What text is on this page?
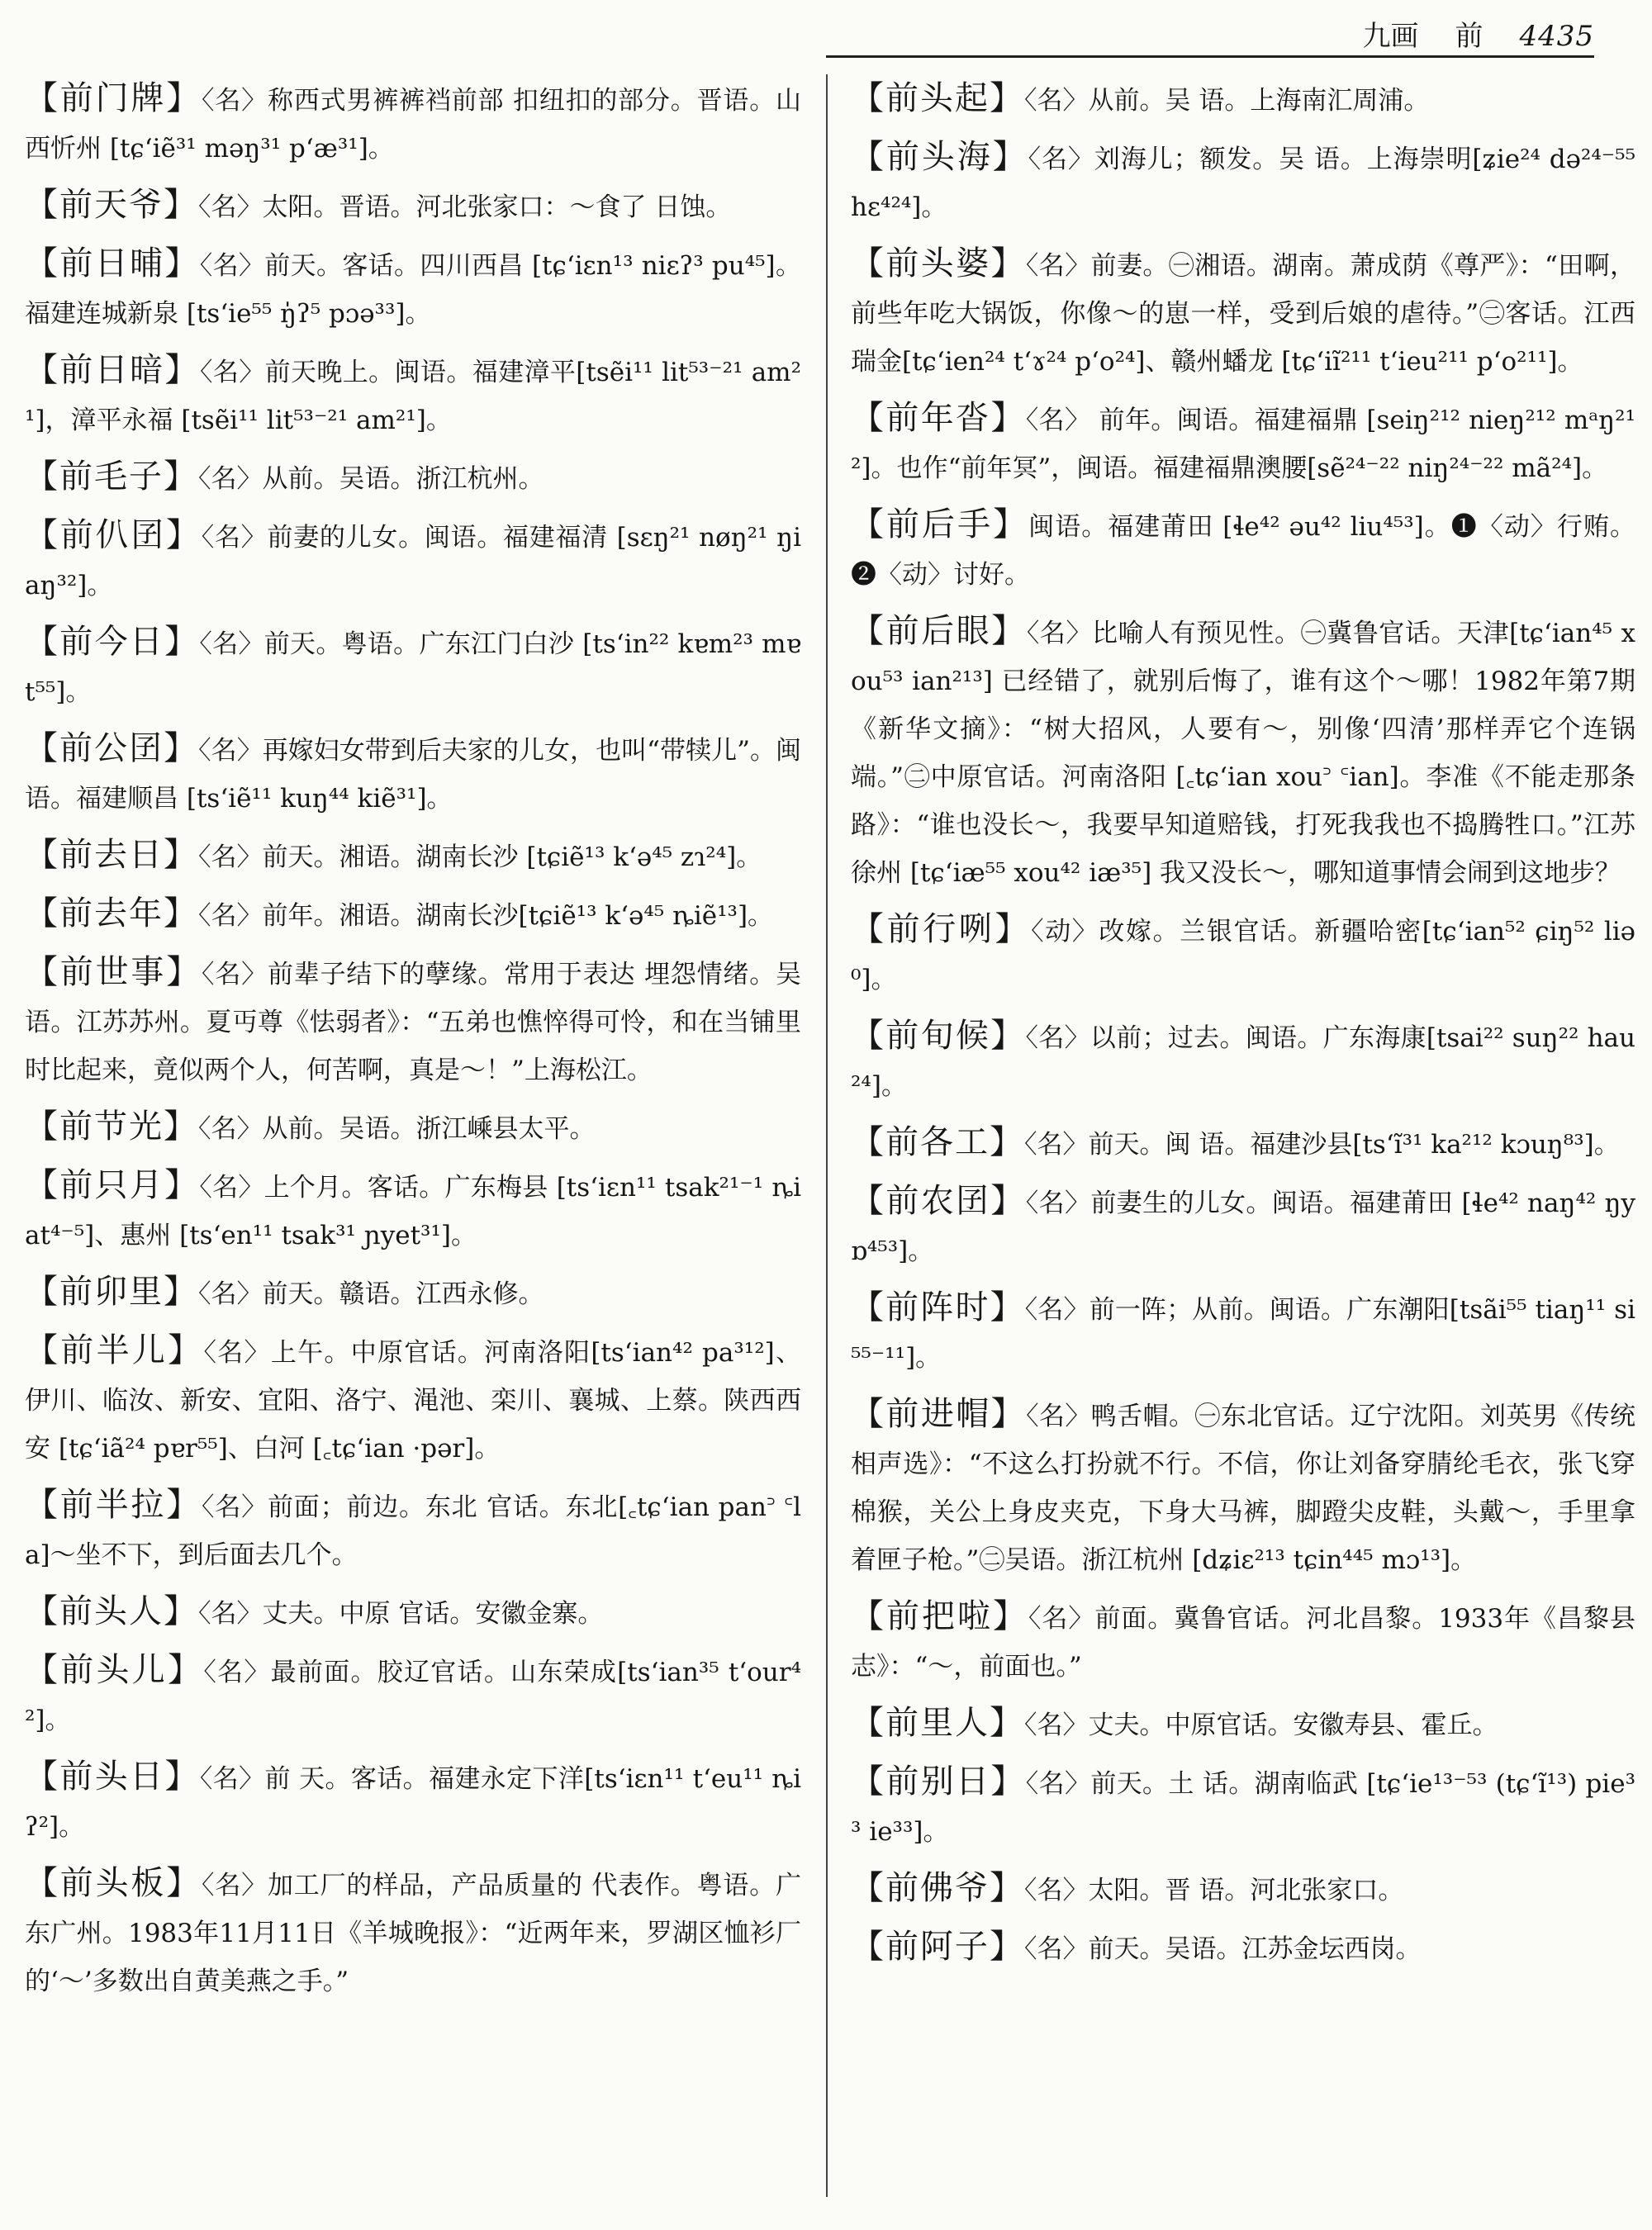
九画 前 4435

【前门牌】〈名〉称西式男裤裤裆前部 扣纽扣的部分。晋语。山西忻州 [tɕʻiẽ³¹ məŋ³¹ pʻæ³¹]。

【前天爷】〈名〉太阳。晋语。河北张家口：～食了 日蚀。

【前日晡】〈名〉前天。客话。四川西昌 [tɕʻiɛn¹³ niɛʔ³ pu⁴⁵]。福建连城新泉 [tsʻie⁵⁵ ŋ̍ʔ⁵ pɔə³³]。

【前日暗】〈名〉前天晚上。闽语。福建漳平[tsẽi¹¹ lit⁵³⁻²¹ am²¹]，漳平永福 [tsẽi¹¹ lit⁵³⁻²¹ am²¹]。

【前毛子】〈名〉从前。吴语。浙江杭州。

【前仈囝】〈名〉前妻的儿女。闽语。福建福清 [sɛŋ²¹ nøŋ²¹ ŋiaŋ³²]。

【前今日】〈名〉前天。粤语。广东江门白沙 [tsʻin²² kɐm²³ mɐt⁵⁵]。

【前公囝】〈名〉再嫁妇女带到后夫家的儿女，也叫“带犊儿”。闽语。福建顺昌 [tsʻiẽ¹¹ kuŋ⁴⁴ kiẽ³¹]。

【前去日】〈名〉前天。湘语。湖南长沙 [tɕiẽ¹³ kʻə⁴⁵ zɿ²⁴]。

【前去年】〈名〉前年。湘语。湖南长沙[tɕiẽ¹³ kʻə⁴⁵ ȵiẽ¹³]。

【前世事】〈名〉前辈子结下的孽缘。常用于表达 埋怨情绪。吴语。江苏苏州。夏丏尊《怯弱者》：“五弟也憔悴得可怜，和在当铺里时比起来，竟似两个人，何苦啊，真是～！”上海松江。

【前节光】〈名〉从前。吴语。浙江嵊县太平。

【前只月】〈名〉上个月。客话。广东梅县 [tsʻiɛn¹¹ tsak²¹⁻¹ ȵiat⁴⁻⁵]、惠州 [tsʻen¹¹ tsak³¹ ɲyet³¹]。

【前卯里】〈名〉前天。赣语。江西永修。

【前半儿】〈名〉上午。中原官话。河南洛阳[tsʻian⁴² pa³¹²]、伊川、临汝、新安、宜阳、洛宁、渑池、栾川、襄城、上蔡。陕西西安 [tɕʻiã²⁴ pɐr⁵⁵]、白河 [꜀tɕʻian ·pər]。

【前半拉】〈名〉前面；前边。东北 官话。东北[꜀tɕʻian pan꜄ ꜂la]～坐不下，到后面去几个。

【前头人】〈名〉丈夫。中原 官话。安徽金寨。

【前头儿】〈名〉最前面。胶辽官话。山东荣成[tsʻian³⁵ tʻour⁴²]。

【前头日】〈名〉前 天。客话。福建永定下洋[tsʻiɛn¹¹ tʻeu¹¹ ȵiʔ²]。

【前头板】〈名〉加工厂的样品，产品质量的 代表作。粤语。广东广州。1983年11月11日《羊城晚报》：“近两年来，罗湖区恤衫厂的‘～’多数出自黄美燕之手。”

【前头起】〈名〉从前。吴 语。上海南汇周浦。

【前头海】〈名〉刘海儿；额发。吴 语。上海崇明[ʑie²⁴ də²⁴⁻⁵⁵ hɛ⁴²⁴]。

【前头婆】〈名〉前妻。㊀湘语。湖南。萧成荫《尊严》：“田啊，前些年吃大锅饭，你像～的崽一样，受到后娘的虐待。”㊁客话。江西瑞金[tɕʻien²⁴ tʻɤ²⁴ pʻo²⁴]、赣州蟠龙 [tɕʻiĩ²¹¹ tʻieu²¹¹ pʻo²¹¹]。

【前年沓】〈名〉 前年。闽语。福建福鼎 [seiŋ²¹² nieŋ²¹² mᵃŋ²¹²]。也作“前年冥”，闽语。福建福鼎澳腰[sẽ²⁴⁻²² niŋ²⁴⁻²² mã²⁴]。

【前后手】闽语。福建莆田 [ɬe⁴² əu⁴² liu⁴⁵³]。❶〈动〉行贿。❷〈动〉讨好。

【前后眼】〈名〉比喻人有预见性。㊀冀鲁官话。天津[tɕʻian⁴⁵ xou⁵³ ian²¹³] 已经错了，就别后悔了，谁有这个～哪！1982年第7期《新华文摘》：“树大招风，人要有～，别像‘四清’那样弄它个连锅端。”㊁中原官话。河南洛阳 [꜀tɕʻian xou꜄ ꜂ian]。李准《不能走那条路》：“谁也没长～，我要早知道赔钱，打死我我也不捣腾牲口。”江苏徐州 [tɕʻiæ⁵⁵ xou⁴² iæ³⁵] 我又没长～，哪知道事情会闹到这地步？

【前行咧】〈动〉改嫁。兰银官话。新疆哈密[tɕʻian⁵² ɕiŋ⁵² liə⁰]。

【前旬候】〈名〉以前；过去。闽语。广东海康[tsai²² suŋ²² hau²⁴]。

【前各工】〈名〉前天。闽 语。福建沙县[tsʻĩ³¹ ka²¹² kɔuŋ⁸³]。

【前农囝】〈名〉前妻生的儿女。闽语。福建莆田 [ɬe⁴² naŋ⁴² ŋyɒ⁴⁵³]。

【前阵时】〈名〉前一阵；从前。闽语。广东潮阳[tsãi⁵⁵ tiaŋ¹¹ si⁵⁵⁻¹¹]。

【前进帽】〈名〉鸭舌帽。㊀东北官话。辽宁沈阳。刘英男《传统相声选》：“不这么打扮就不行。不信，你让刘备穿腈纶毛衣，张飞穿棉猴，关公上身皮夹克，下身大马裤，脚蹬尖皮鞋，头戴～，手里拿着匣子枪。”㊁吴语。浙江杭州 [dʑiɛ²¹³ tɕin⁴⁴⁵ mɔ¹³]。

【前把啦】〈名〉前面。冀鲁官话。河北昌黎。1933年《昌黎县志》：“～，前面也。”

【前里人】〈名〉丈夫。中原官话。安徽寿县、霍丘。

【前别日】〈名〉前天。土 话。湖南临武 [tɕʻie¹³⁻⁵³ (tɕʻĩ¹³) pie³³ ie³³]。

【前佛爷】〈名〉太阳。晋 语。河北张家口。

【前阿子】〈名〉前天。吴语。江苏金坛西岗。
